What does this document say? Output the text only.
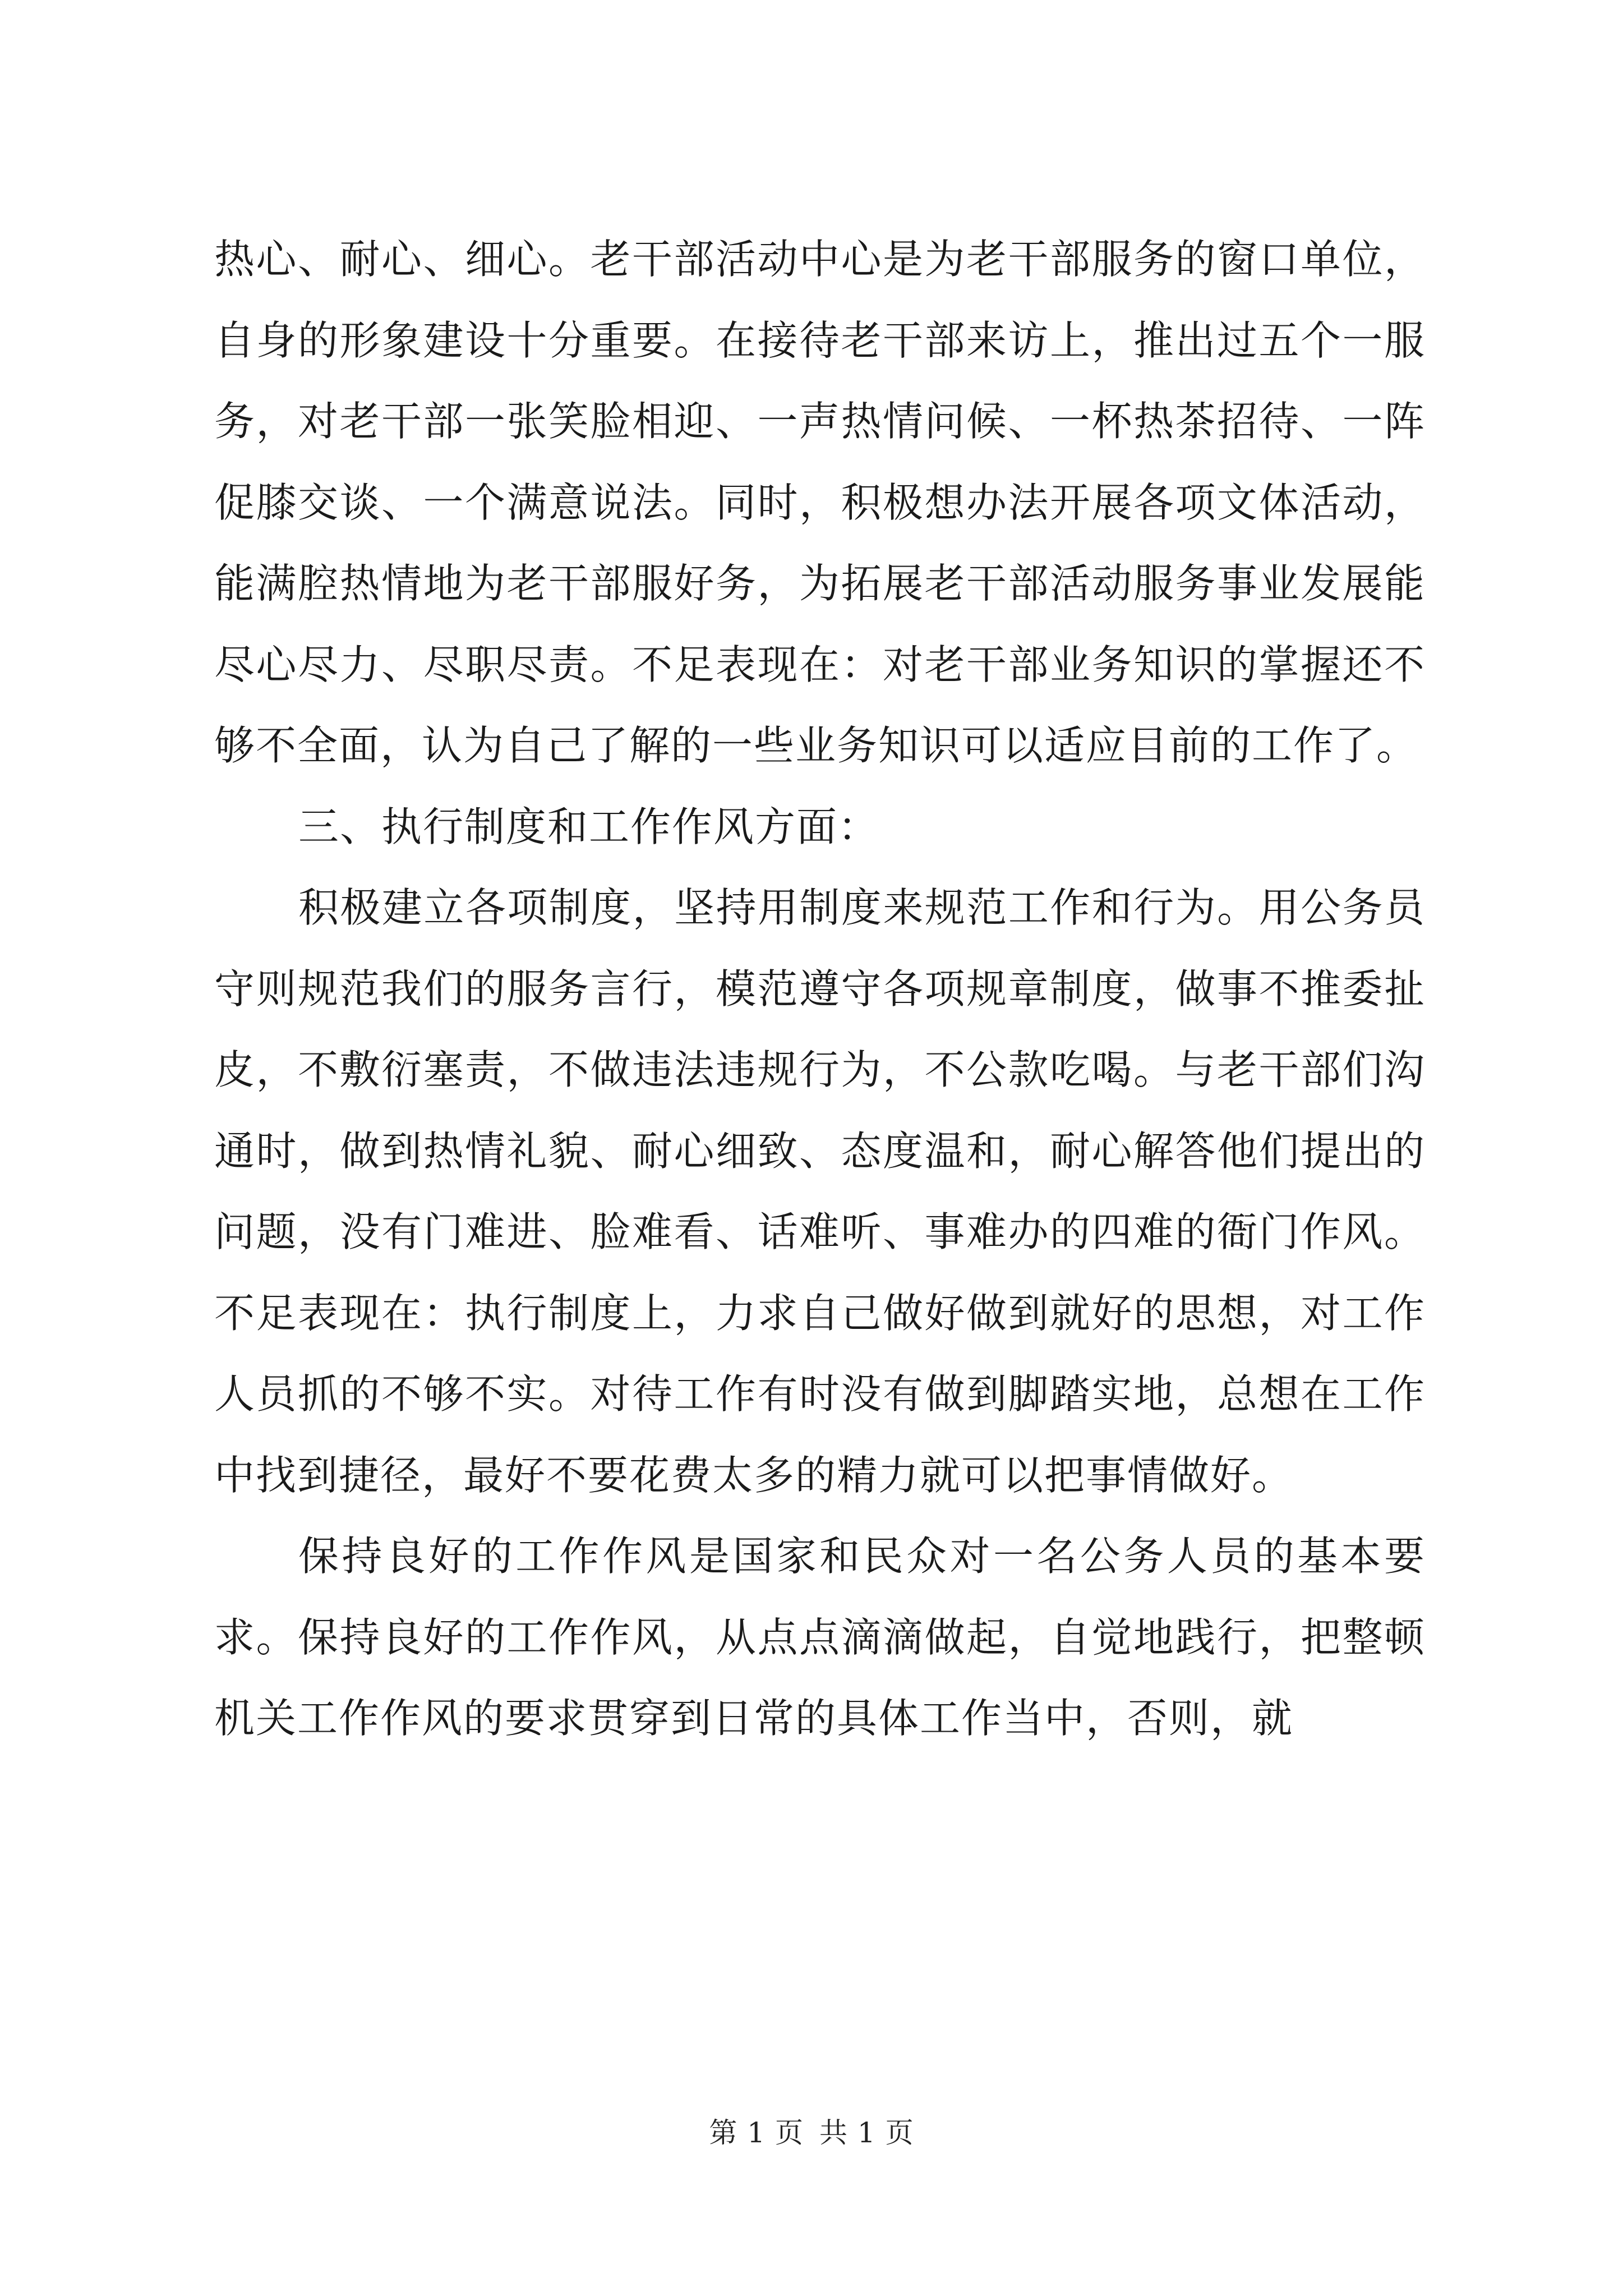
热心、耐心、细心。老干部活动中心是为老干部服务的窗口单位，自身的形象建设十分重要。在接待老干部来访上，推出过五个一服务，对老干部一张笑脸相迎、一声热情问候、一杯热茶招待、一阵促膝交谈、一个满意说法。同时，积极想办法开展各项文体活动，能满腔热情地为老干部服好务，为拓展老干部活动服务事业发展能尽心尽力、尽职尽责。不足表现在：对老干部业务知识的掌握还不够不全面，认为自己了解的一些业务知识可以适应目前的工作了。

三、执行制度和工作作风方面：

积极建立各项制度，坚持用制度来规范工作和行为。用公务员守则规范我们的服务言行，模范遵守各项规章制度，做事不推委扯皮，不敷衍塞责，不做违法违规行为，不公款吃喝。与老干部们沟通时，做到热情礼貌、耐心细致、态度温和，耐心解答他们提出的问题，没有门难进、脸难看、话难听、事难办的四难的衙门作风。不足表现在：执行制度上，力求自己做好做到就好的思想，对工作人员抓的不够不实。对待工作有时没有做到脚踏实地，总想在工作中找到捷径，最好不要花费太多的精力就可以把事情做好。

保持良好的工作作风是国家和民众对一名公务人员的基本要求。保持良好的工作作风，从点点滴滴做起，自觉地践行，把整顿机关工作作风的要求贯穿到日常的具体工作当中，否则，就

第 1 页 共 1 页
